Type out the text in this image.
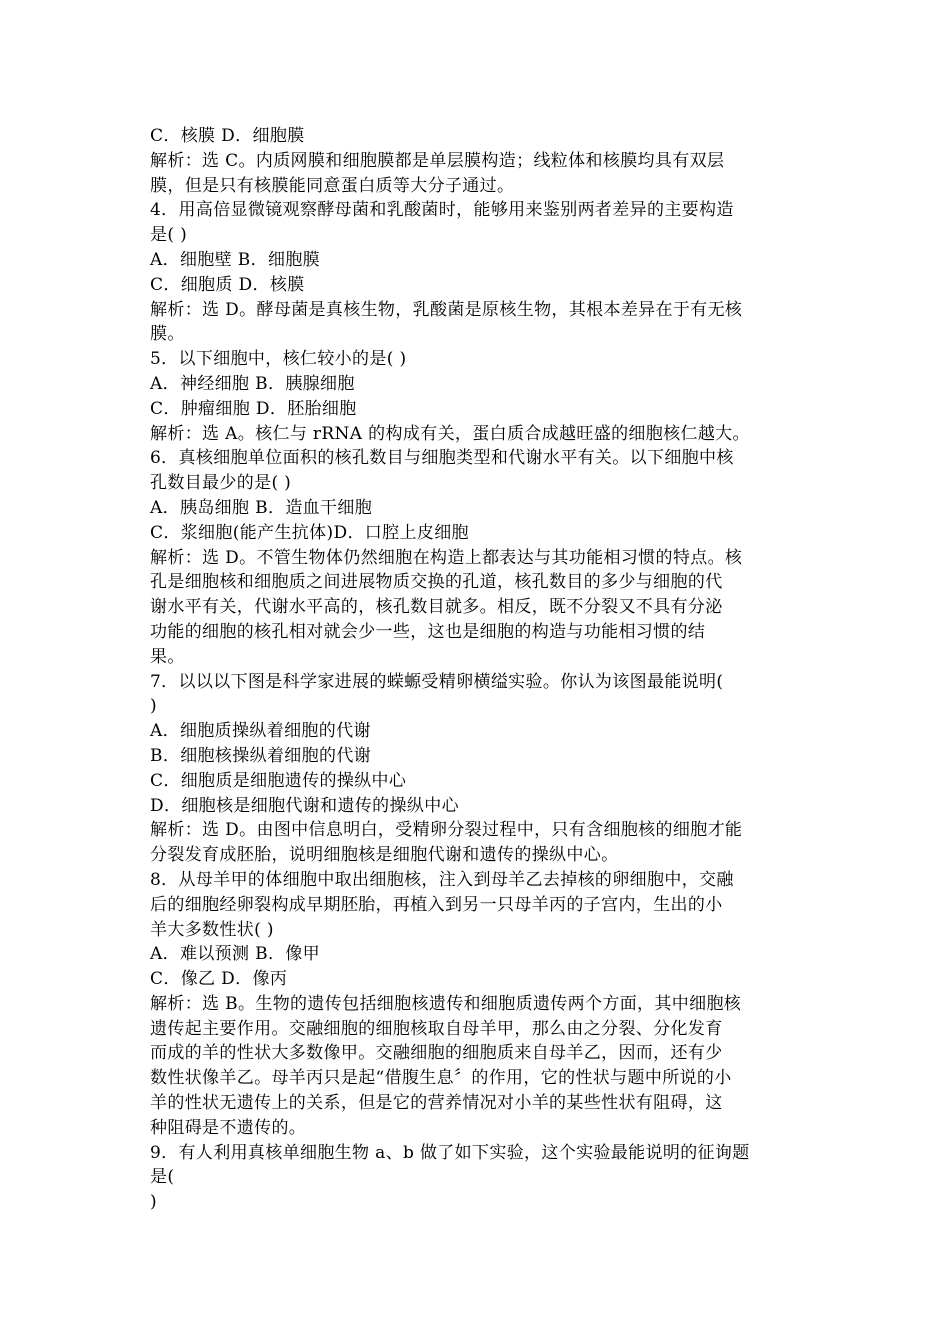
C．核膜 D．细胞膜
解析：选 C。内质网膜和细胞膜都是单层膜构造；线粒体和核膜均具有双层
膜，但是只有核膜能同意蛋白质等大分子通过。
4．用高倍显微镜观察酵母菌和乳酸菌时，能够用来鉴别两者差异的主要构造
是( )
A．细胞壁 B．细胞膜
C．细胞质 D．核膜
解析：选 D。酵母菌是真核生物，乳酸菌是原核生物，其根本差异在于有无核
膜。
5．以下细胞中，核仁较小的是( )
A．神经细胞 B．胰腺细胞
C．肿瘤细胞 D．胚胎细胞
解析：选 A。核仁与 rRNA 的构成有关，蛋白质合成越旺盛的细胞核仁越大。
6．真核细胞单位面积的核孔数目与细胞类型和代谢水平有关。以下细胞中核
孔数目最少的是( )
A．胰岛细胞 B．造血干细胞
C．浆细胞(能产生抗体)D．口腔上皮细胞
解析：选 D。不管生物体仍然细胞在构造上都表达与其功能相习惯的特点。核
孔是细胞核和细胞质之间进展物质交换的孔道，核孔数目的多少与细胞的代
谢水平有关，代谢水平高的，核孔数目就多。相反，既不分裂又不具有分泌
功能的细胞的核孔相对就会少一些，这也是细胞的构造与功能相习惯的结
果。
7．以以以下图是科学家进展的蝾螈受精卵横缢实验。你认为该图最能说明(
)
A．细胞质操纵着细胞的代谢
B．细胞核操纵着细胞的代谢
C．细胞质是细胞遗传的操纵中心
D．细胞核是细胞代谢和遗传的操纵中心
解析：选 D。由图中信息明白，受精卵分裂过程中，只有含细胞核的细胞才能
分裂发育成胚胎，说明细胞核是细胞代谢和遗传的操纵中心。
8．从母羊甲的体细胞中取出细胞核，注入到母羊乙去掉核的卵细胞中，交融
后的细胞经卵裂构成早期胚胎，再植入到另一只母羊丙的子宫内，生出的小
羊大多数性状( )
A．难以预测 B．像甲
C．像乙 D．像丙
解析：选 B。生物的遗传包括细胞核遗传和细胞质遗传两个方面，其中细胞核
遗传起主要作用。交融细胞的细胞核取自母羊甲，那么由之分裂、分化发育
而成的羊的性状大多数像甲。交融细胞的细胞质来自母羊乙，因而，还有少
数性状像羊乙。母羊丙只是起“借腹生息〞的作用，它的性状与题中所说的小
羊的性状无遗传上的关系，但是它的营养情况对小羊的某些性状有阻碍，这
种阻碍是不遗传的。
9．有人利用真核单细胞生物 a、b 做了如下实验，这个实验最能说明的征询题
是(
)
